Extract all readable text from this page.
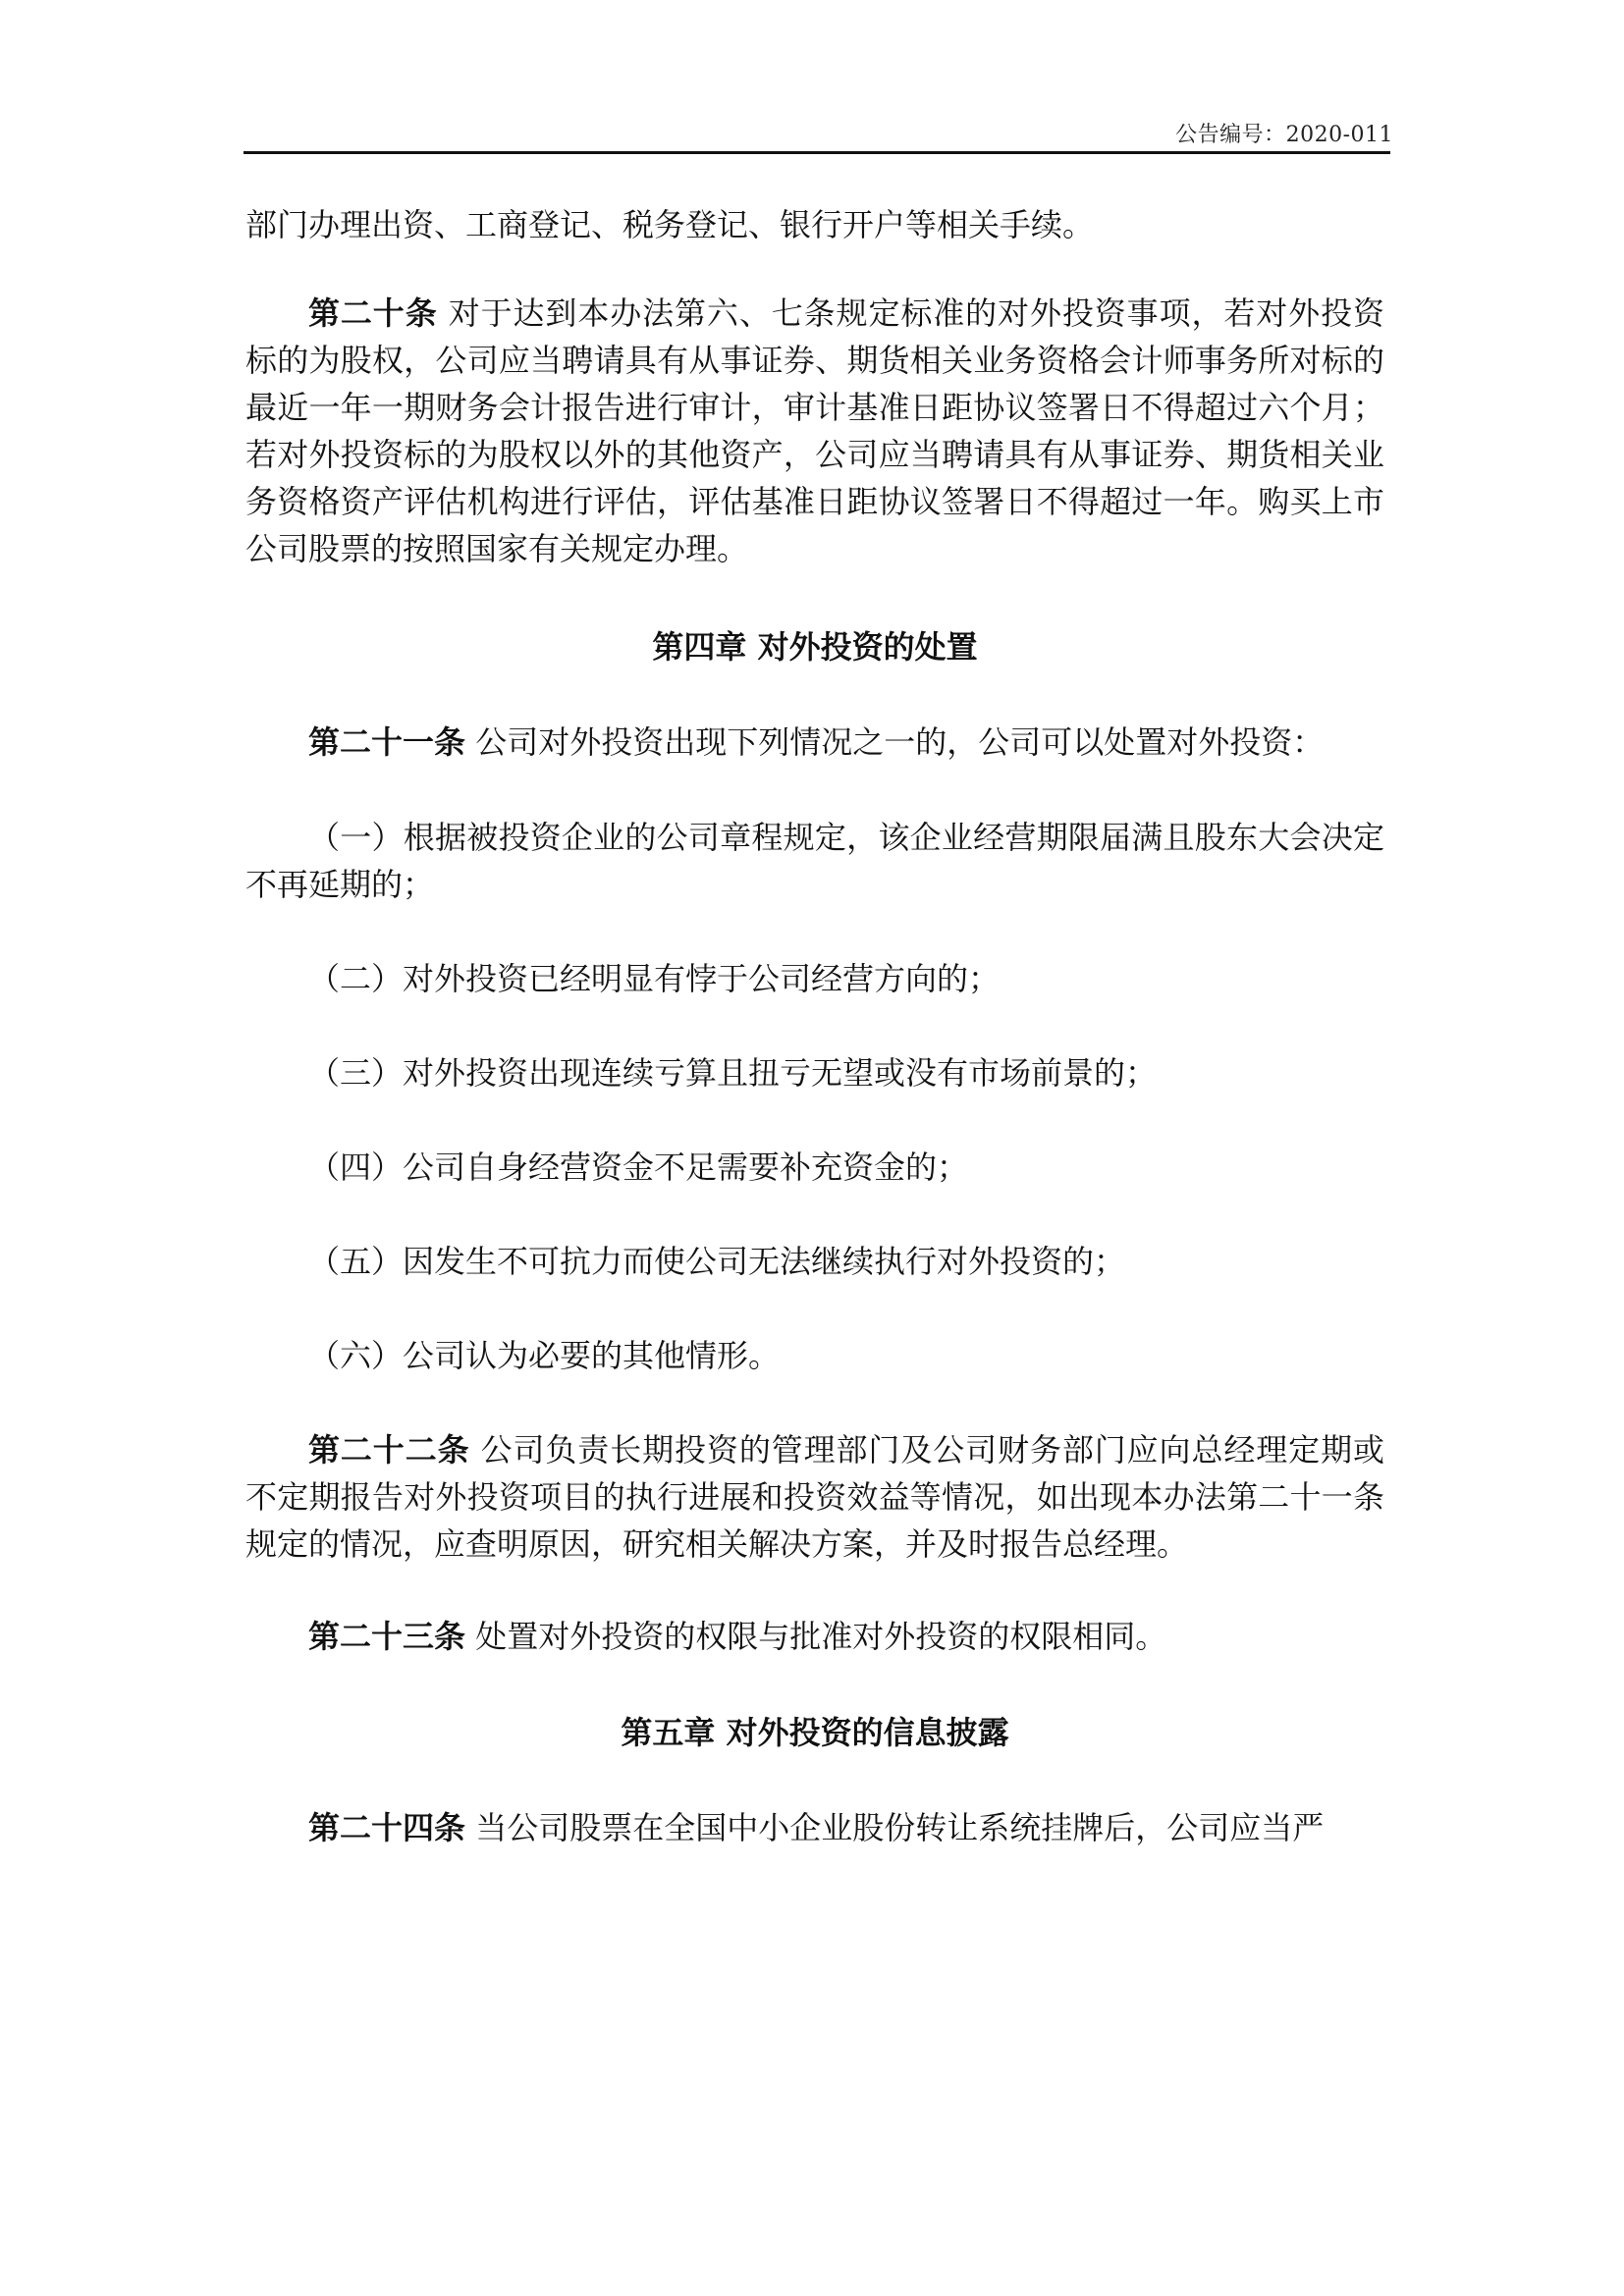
公告编号：2020-011

部门办理出资、工商登记、税务登记、银行开户等相关手续。

第二十条 对于达到本办法第六、七条规定标准的对外投资事项，若对外投资标的为股权，公司应当聘请具有从事证券、期货相关业务资格会计师事务所对标的最近一年一期财务会计报告进行审计，审计基准日距协议签署日不得超过六个月；若对外投资标的为股权以外的其他资产，公司应当聘请具有从事证券、期货相关业务资格资产评估机构进行评估，评估基准日距协议签署日不得超过一年。购买上市公司股票的按照国家有关规定办理。

第四章 对外投资的处置

第二十一条 公司对外投资出现下列情况之一的，公司可以处置对外投资：

（一）根据被投资企业的公司章程规定，该企业经营期限届满且股东大会决定不再延期的；

（二）对外投资已经明显有悖于公司经营方向的；

（三）对外投资出现连续亏算且扭亏无望或没有市场前景的；

（四）公司自身经营资金不足需要补充资金的；

（五）因发生不可抗力而使公司无法继续执行对外投资的；

（六）公司认为必要的其他情形。

第二十二条 公司负责长期投资的管理部门及公司财务部门应向总经理定期或不定期报告对外投资项目的执行进展和投资效益等情况，如出现本办法第二十一条规定的情况，应查明原因，研究相关解决方案，并及时报告总经理。

第二十三条 处置对外投资的权限与批准对外投资的权限相同。

第五章 对外投资的信息披露

第二十四条 当公司股票在全国中小企业股份转让系统挂牌后，公司应当严
